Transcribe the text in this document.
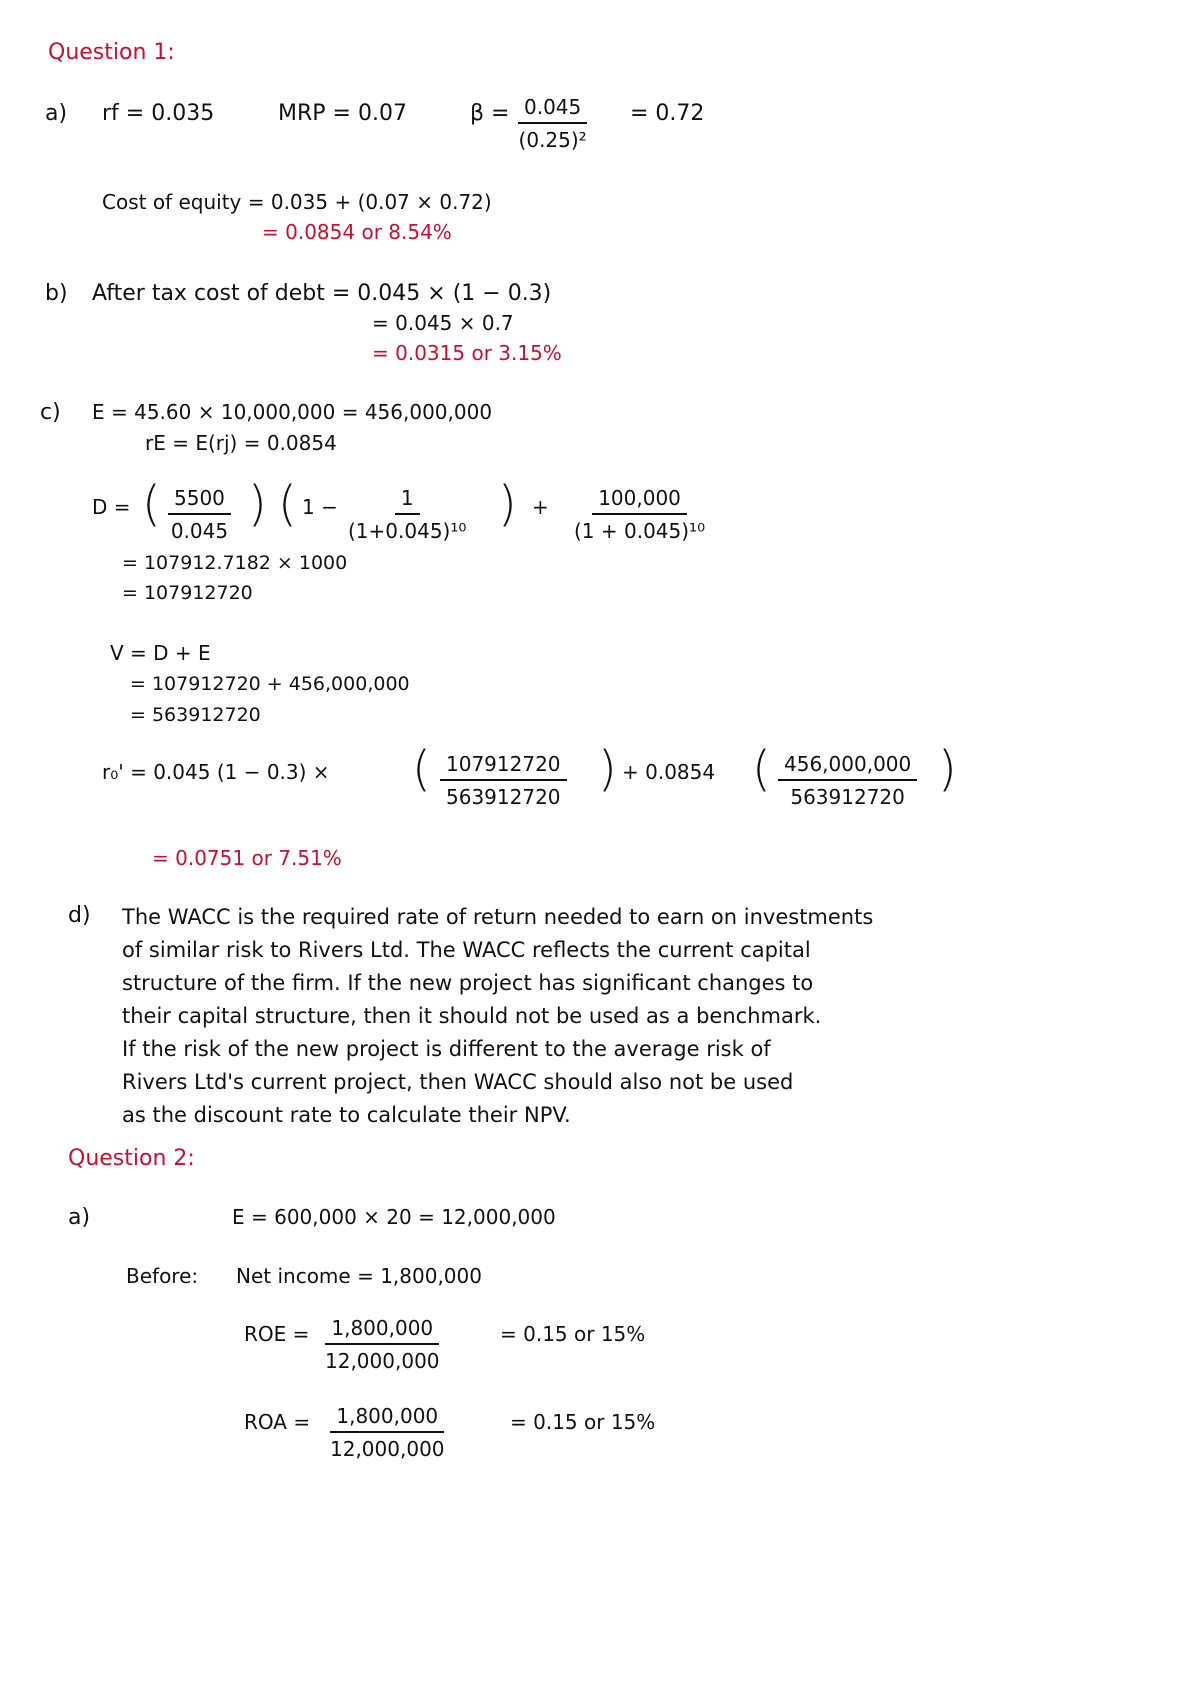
Question 1:
a) rf = 0.035	MRP = 0.07	$\beta = \frac{0.045}{\text{(0.25)²}} = 0.72$
Cost of equity = 0.035 + (0.07 × 0.72)
= 0.0854 or 8.54%
b) After tax cost of debt = 0.045 × (1 − 0.3)
= 0.045 × 0.7
= 0.0315 or 3.15%
c) E = 45.60 × 10,000,000 = 456,000,000
rE = E(rj) = 0.0854
D = ( $\frac{5500}{0.045}$ ) ( $1 - \frac{1}{\text{(1+0.045)¹⁰}}$ ) + $\frac{100,000}{\text{(1 + 0.045)¹⁰}}$
= 107912.7182 × 1000
= 107912720
V = D + E
= 107912720 + 456,000,000
= 563912720
r₀' = 0.045 (1 − 0.3) × ( $\frac{107912720}{563912720}$ ) + 0.0854 ( $\frac{456,000,000}{563912720}$ )
= 0.0751 or 7.51%
d) The WACC is the required rate of return needed to earn on investments
of similar risk to Rivers Ltd. The WACC reflects the current capital
structure of the firm. If the new project has significant changes to
their capital structure, then it should not be used as a benchmark.
If the risk of the new project is different to the average risk of
Rivers Ltd's current project, then WACC should also not be used
as the discount rate to calculate their NPV.
Question 2:
a)	E = 600,000 × 20 = 12,000,000
Before: Net income = 1,800,000
ROE = $\frac{1,800,000}{12,000,000}$	= 0.15 or 15%
ROA = $\frac{1,800,000}{12,000,000}$	= 0.15 or 15%
